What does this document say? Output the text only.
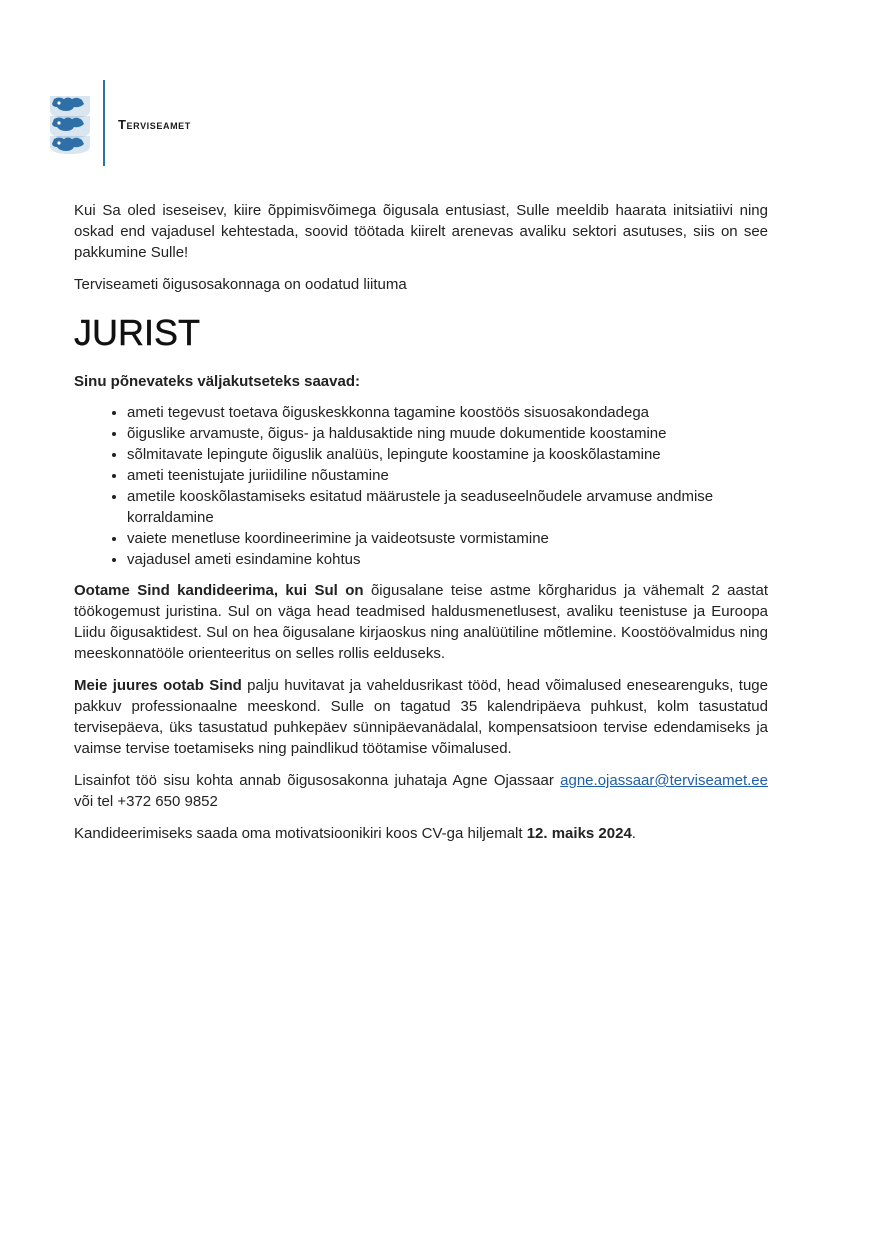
Terviseamet

Kui Sa oled iseseisev, kiire õppimisvõimega õigusala entusiast, Sulle meeldib haarata initsiatiivi ning oskad end vajadusel kehtestada, soovid töötada kiirelt arenevas avaliku sektori asutuses, siis on see pakkumine Sulle!

Terviseameti õigusosakonnaga on oodatud liituma

JURIST

Sinu põnevateks väljakutseteks saavad:

• ameti tegevust toetava õiguskeskkonna tagamine koostöös sisuosakondadega
• õiguslike arvamuste, õigus- ja haldusaktide ning muude dokumentide koostamine
• sõlmitavate lepingute õiguslik analüüs, lepingute koostamine ja kooskõlastamine
• ameti teenistujate juriidiline nõustamine
• ametile kooskõlastamiseks esitatud määrustele ja seaduseelnõudele arvamuse andmise korraldamine
• vaiete menetluse koordineerimine ja vaideotsuste vormistamine
• vajadusel ameti esindamine kohtus

Ootame Sind kandideerima, kui Sul on õigusalane teise astme kõrgharidus ja vähemalt 2 aastat töökogemust juristina. Sul on väga head teadmised haldusmenetlusest, avaliku teenistuse ja Euroopa Liidu õigusaktidest. Sul on hea õigusalane kirjaoskus ning analüütiline mõtlemine. Koostöövalmidus ning meeskonnatööle orienteeritus on selles rollis eelduseks.

Meie juures ootab Sind palju huvitavat ja vaheldusrikast tööd, head võimalused enesearenguks, tuge pakkuv professionaalne meeskond. Sulle on tagatud 35 kalendripäeva puhkust, kolm tasustatud tervisepäeva, üks tasustatud puhkepäev sünnipäevanädalal, kompensatsioon tervise edendamiseks ja vaimse tervise toetamiseks ning paindlikud töötamise võimalused.

Lisainfot töö sisu kohta annab õigusosakonna juhataja Agne Ojassaar agne.ojassaar@terviseamet.ee või tel +372 650 9852

Kandideerimiseks saada oma motivatsioonikiri koos CV-ga hiljemalt 12. maiks 2024.
